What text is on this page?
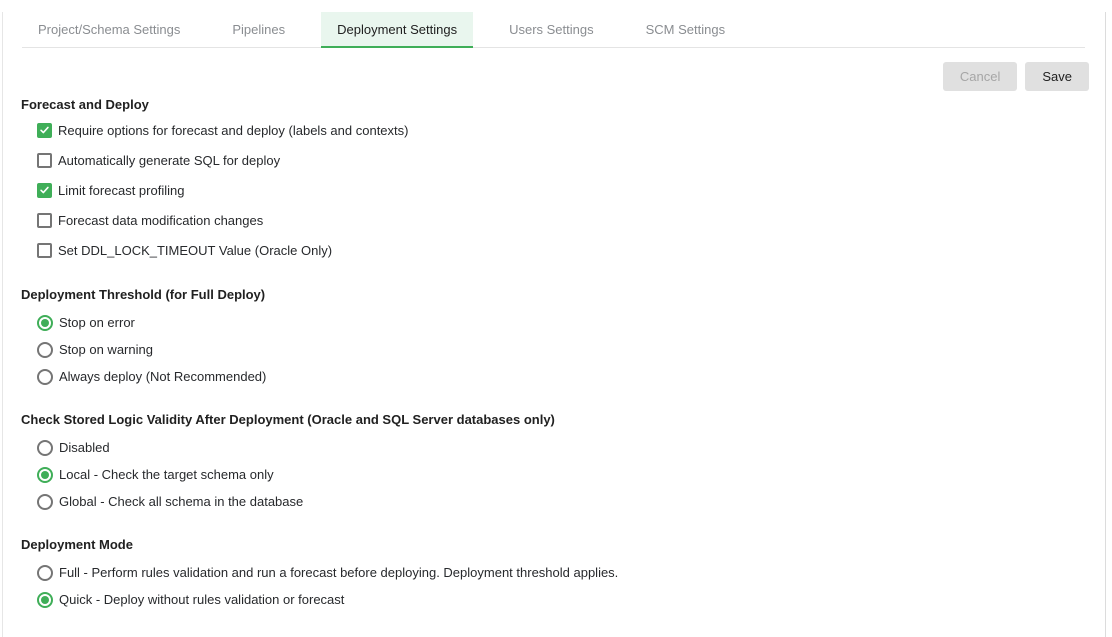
Project/Schema Settings	Pipelines	Deployment Settings	Users Settings	SCM Settings
Cancel	Save
Forecast and Deploy
Require options for forecast and deploy (labels and contexts)
Automatically generate SQL for deploy
Limit forecast profiling
Forecast data modification changes
Set DDL_LOCK_TIMEOUT Value (Oracle Only)
Deployment Threshold (for Full Deploy)
Stop on error
Stop on warning
Always deploy (Not Recommended)
Check Stored Logic Validity After Deployment (Oracle and SQL Server databases only)
Disabled
Local - Check the target schema only
Global - Check all schema in the database
Deployment Mode
Full - Perform rules validation and run a forecast before deploying. Deployment threshold applies.
Quick - Deploy without rules validation or forecast
